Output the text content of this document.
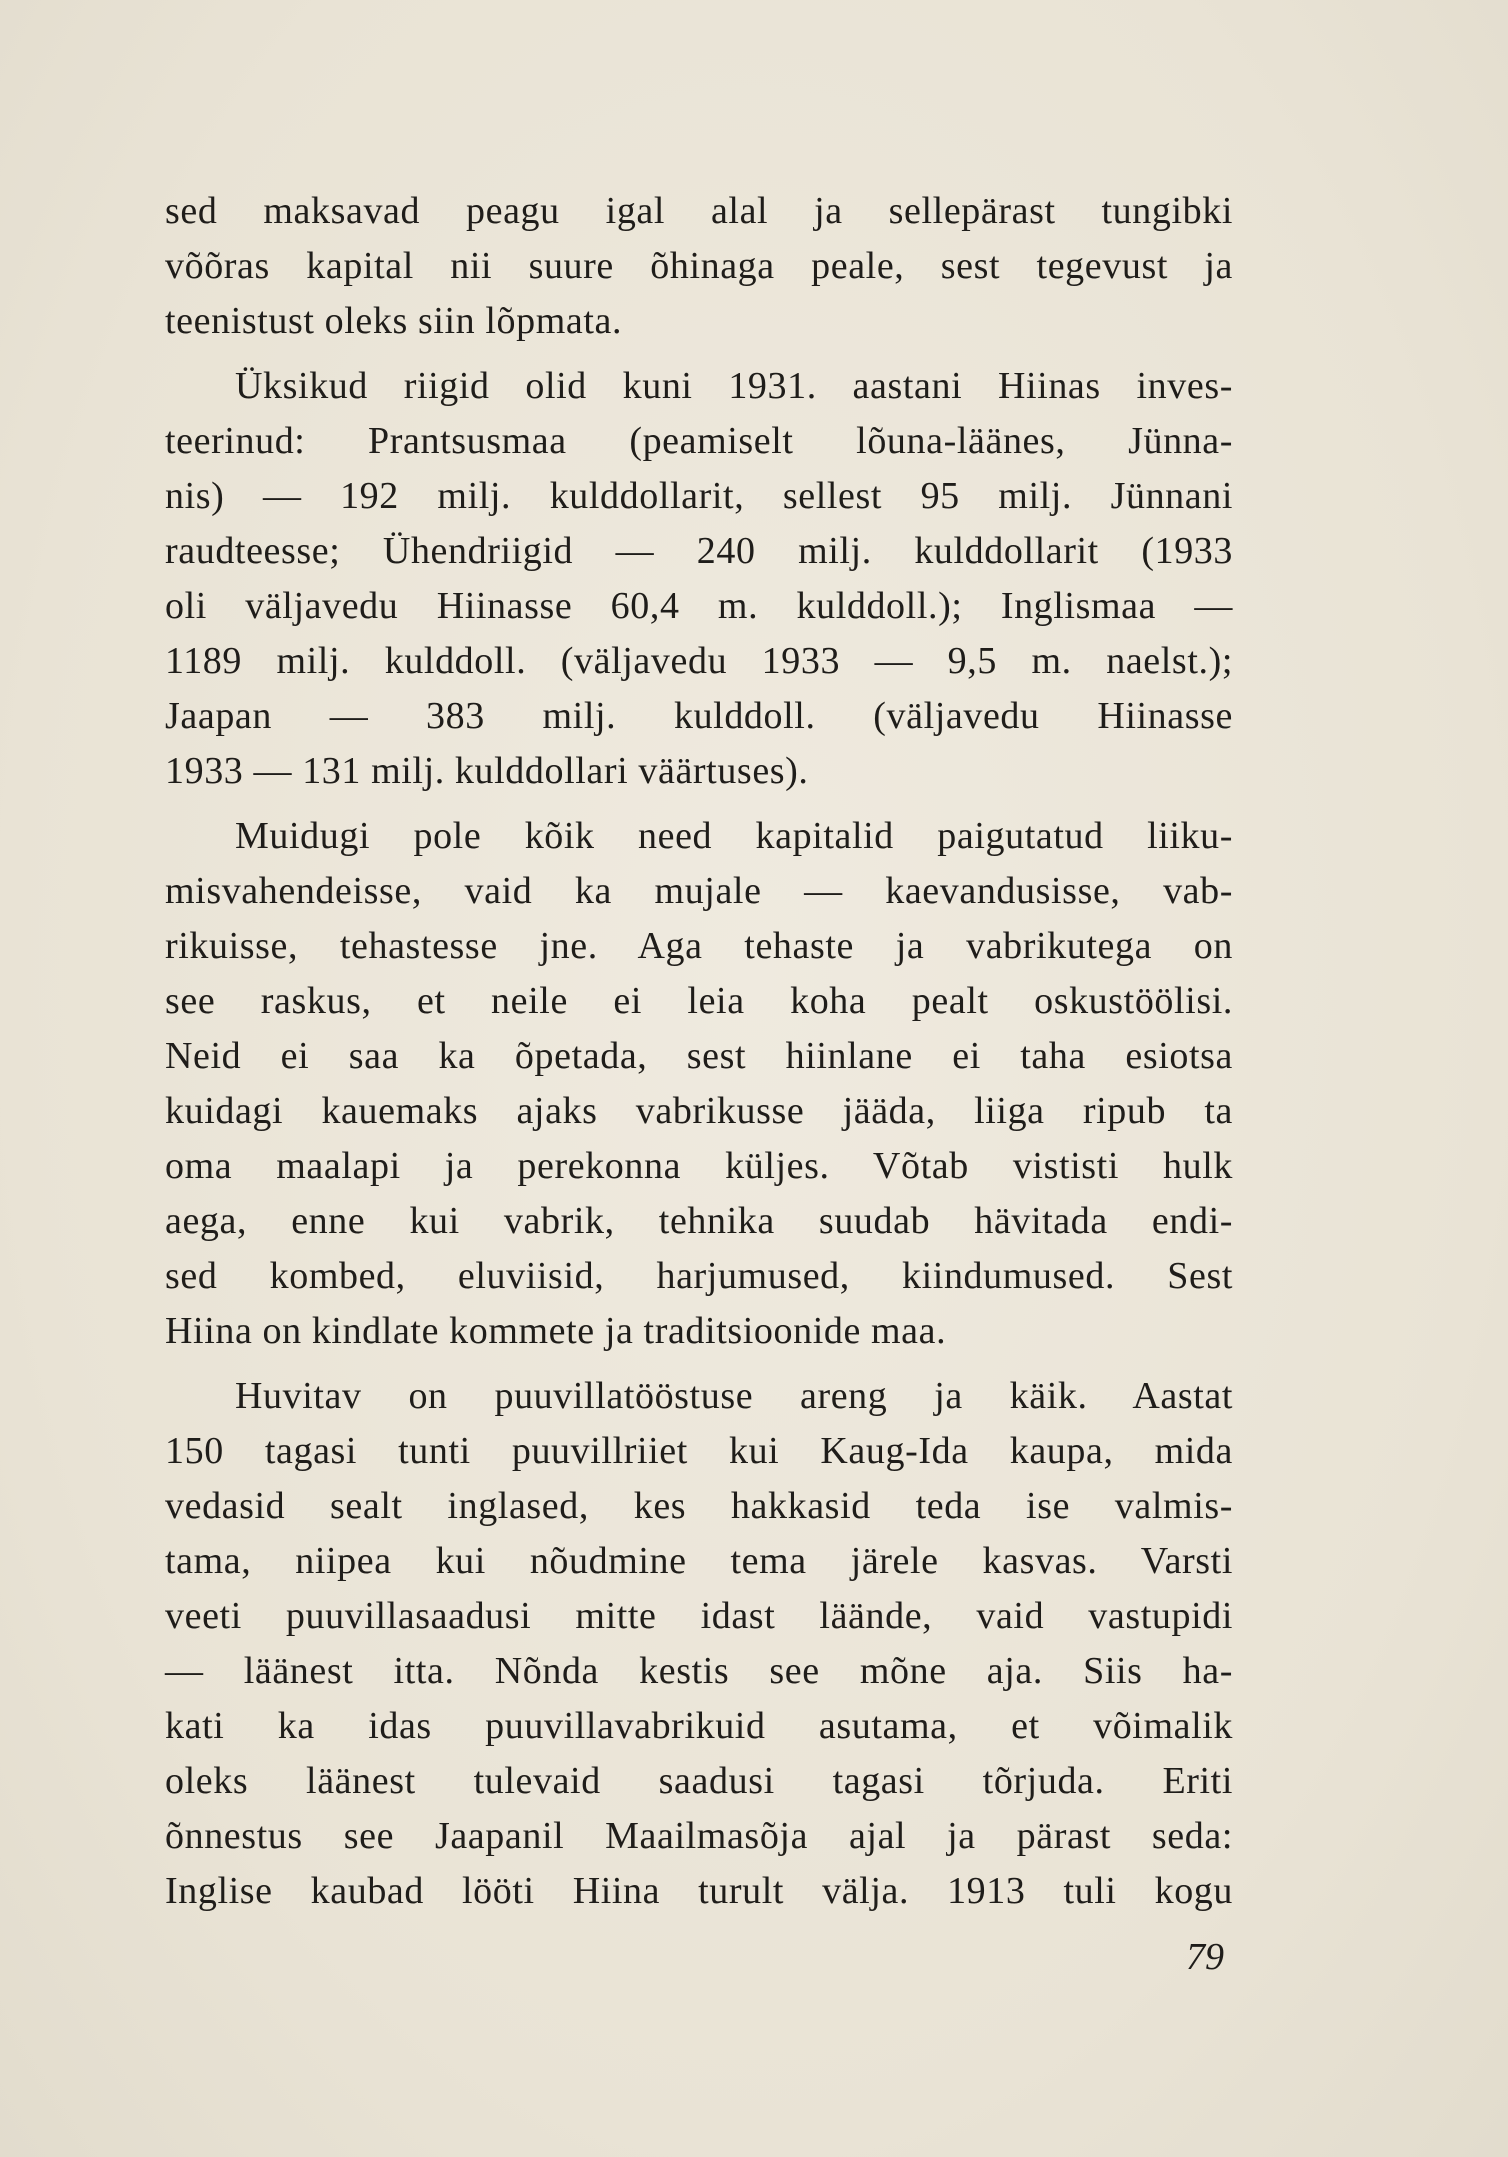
sed maksavad peagu igal alal ja sellepärast tungibki
võõras kapital nii suure õhinaga peale, sest tegevust ja
teenistust oleks siin lõpmata.
Üksikud riigid olid kuni 1931. aastani Hiinas inves-
teerinud: Prantsusmaa (peamiselt lõuna-läänes, Jünna-
nis) — 192 milj. kulddollarit, sellest 95 milj. Jünnani
raudteesse; Ühendriigid — 240 milj. kulddollarit (1933
oli väljavedu Hiinasse 60,4 m. kulddoll.); Inglismaa —
1189 milj. kulddoll. (väljavedu 1933 — 9,5 m. naelst.);
Jaapan — 383 milj. kulddoll. (väljavedu Hiinasse
1933 — 131 milj. kulddollari väärtuses).
Muidugi pole kõik need kapitalid paigutatud liiku-
misvahendeisse, vaid ka mujale — kaevandusisse, vab-
rikuisse, tehastesse jne. Aga tehaste ja vabrikutega on
see raskus, et neile ei leia koha pealt oskustöölisi.
Neid ei saa ka õpetada, sest hiinlane ei taha esiotsa
kuidagi kauemaks ajaks vabrikusse jääda, liiga ripub ta
oma maalapi ja perekonna küljes. Võtab vististi hulk
aega, enne kui vabrik, tehnika suudab hävitada endi-
sed kombed, eluviisid, harjumused, kiindumused. Sest
Hiina on kindlate kommete ja traditsioonide maa.
Huvitav on puuvillatööstuse areng ja käik. Aastat
150 tagasi tunti puuvillriiet kui Kaug-Ida kaupa, mida
vedasid sealt inglased, kes hakkasid teda ise valmis-
tama, niipea kui nõudmine tema järele kasvas. Varsti
veeti puuvillasaadusi mitte idast läände, vaid vastupidi
— läänest itta. Nõnda kestis see mõne aja. Siis ha-
kati ka idas puuvillavabrikuid asutama, et võimalik
oleks läänest tulevaid saadusi tagasi tõrjuda. Eriti
õnnestus see Jaapanil Maailmasõja ajal ja pärast seda:
Inglise kaubad lööti Hiina turult välja. 1913 tuli kogu
79
